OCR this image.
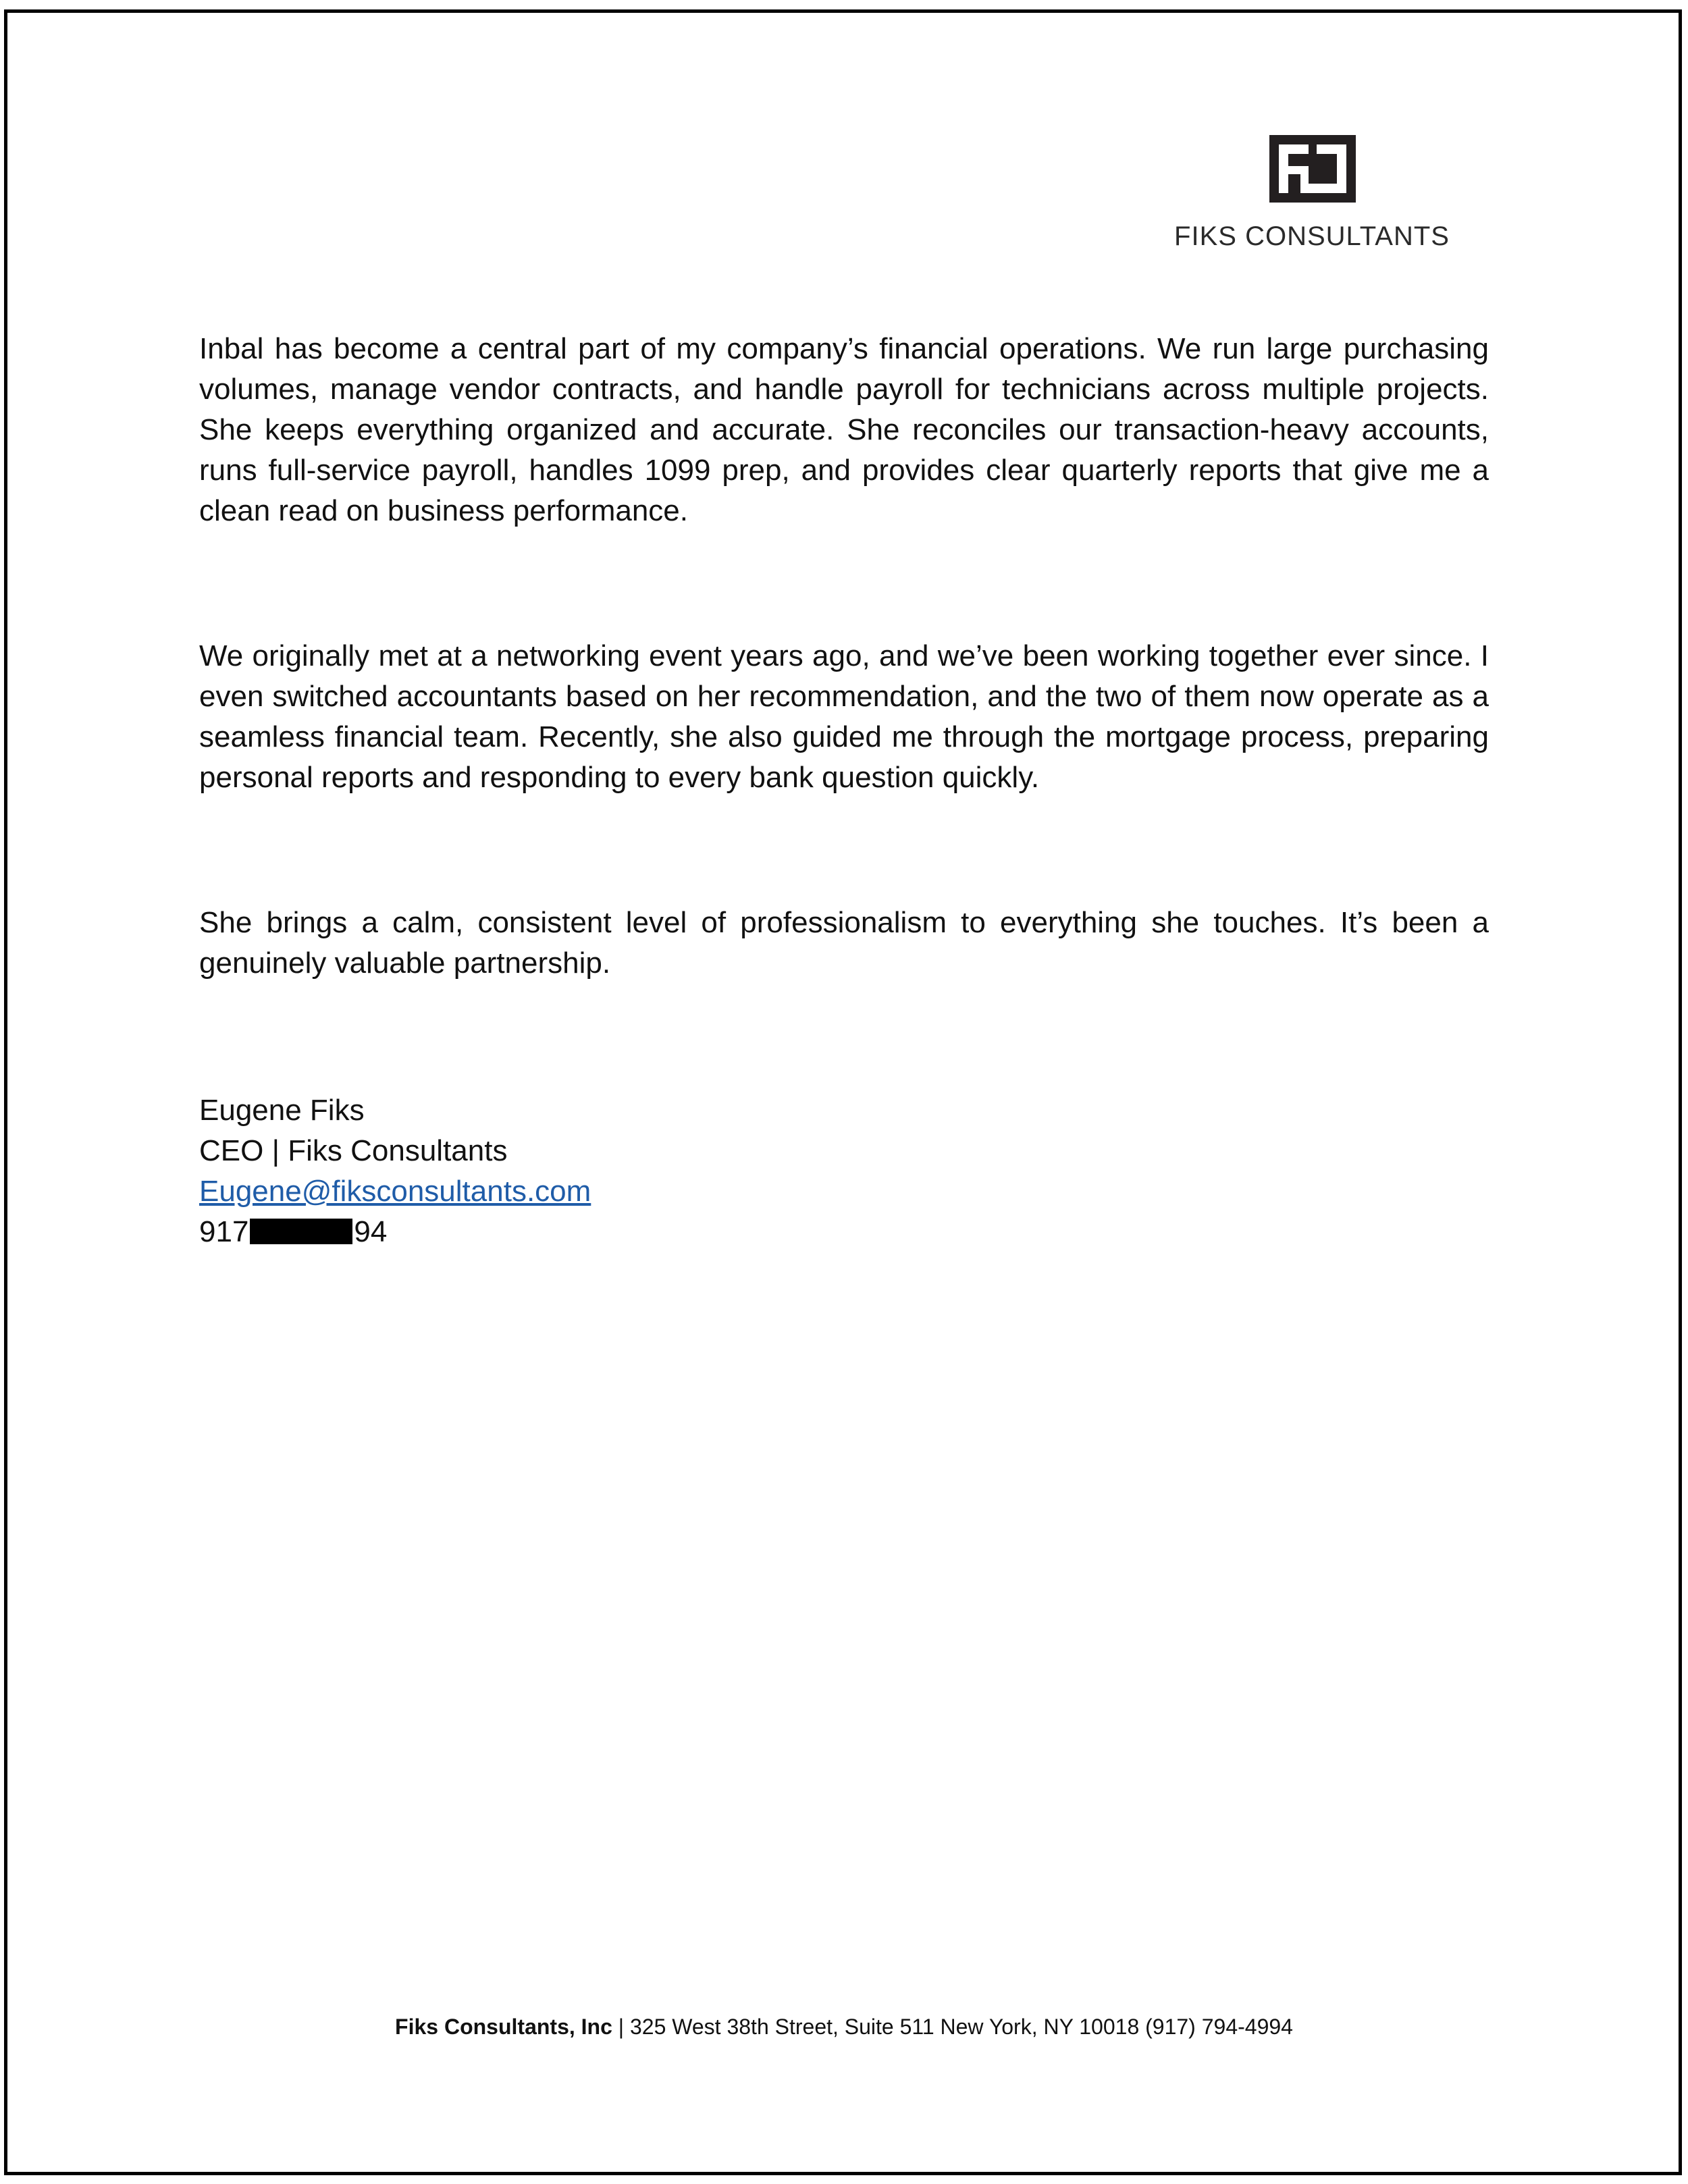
FIKS CONSULTANTS

Inbal has become a central part of my company’s financial operations. We run large purchasing volumes, manage vendor contracts, and handle payroll for technicians across multiple projects. She keeps everything organized and accurate. She reconciles our transaction-heavy accounts, runs full-service payroll, handles 1099 prep, and provides clear quarterly reports that give me a clean read on business performance.

We originally met at a networking event years ago, and we’ve been working together ever since. I even switched accountants based on her recommendation, and the two of them now operate as a seamless financial team. Recently, she also guided me through the mortgage process, preparing personal reports and responding to every bank question quickly.

She brings a calm, consistent level of professionalism to everything she touches. It’s been a genuinely valuable partnership.

Eugene Fiks
CEO | Fiks Consultants
Eugene@fiksconsultants.com
917	94
Fiks Consultants, Inc | 325 West 38th Street, Suite 511 New York, NY 10018 (917) 794-4994
